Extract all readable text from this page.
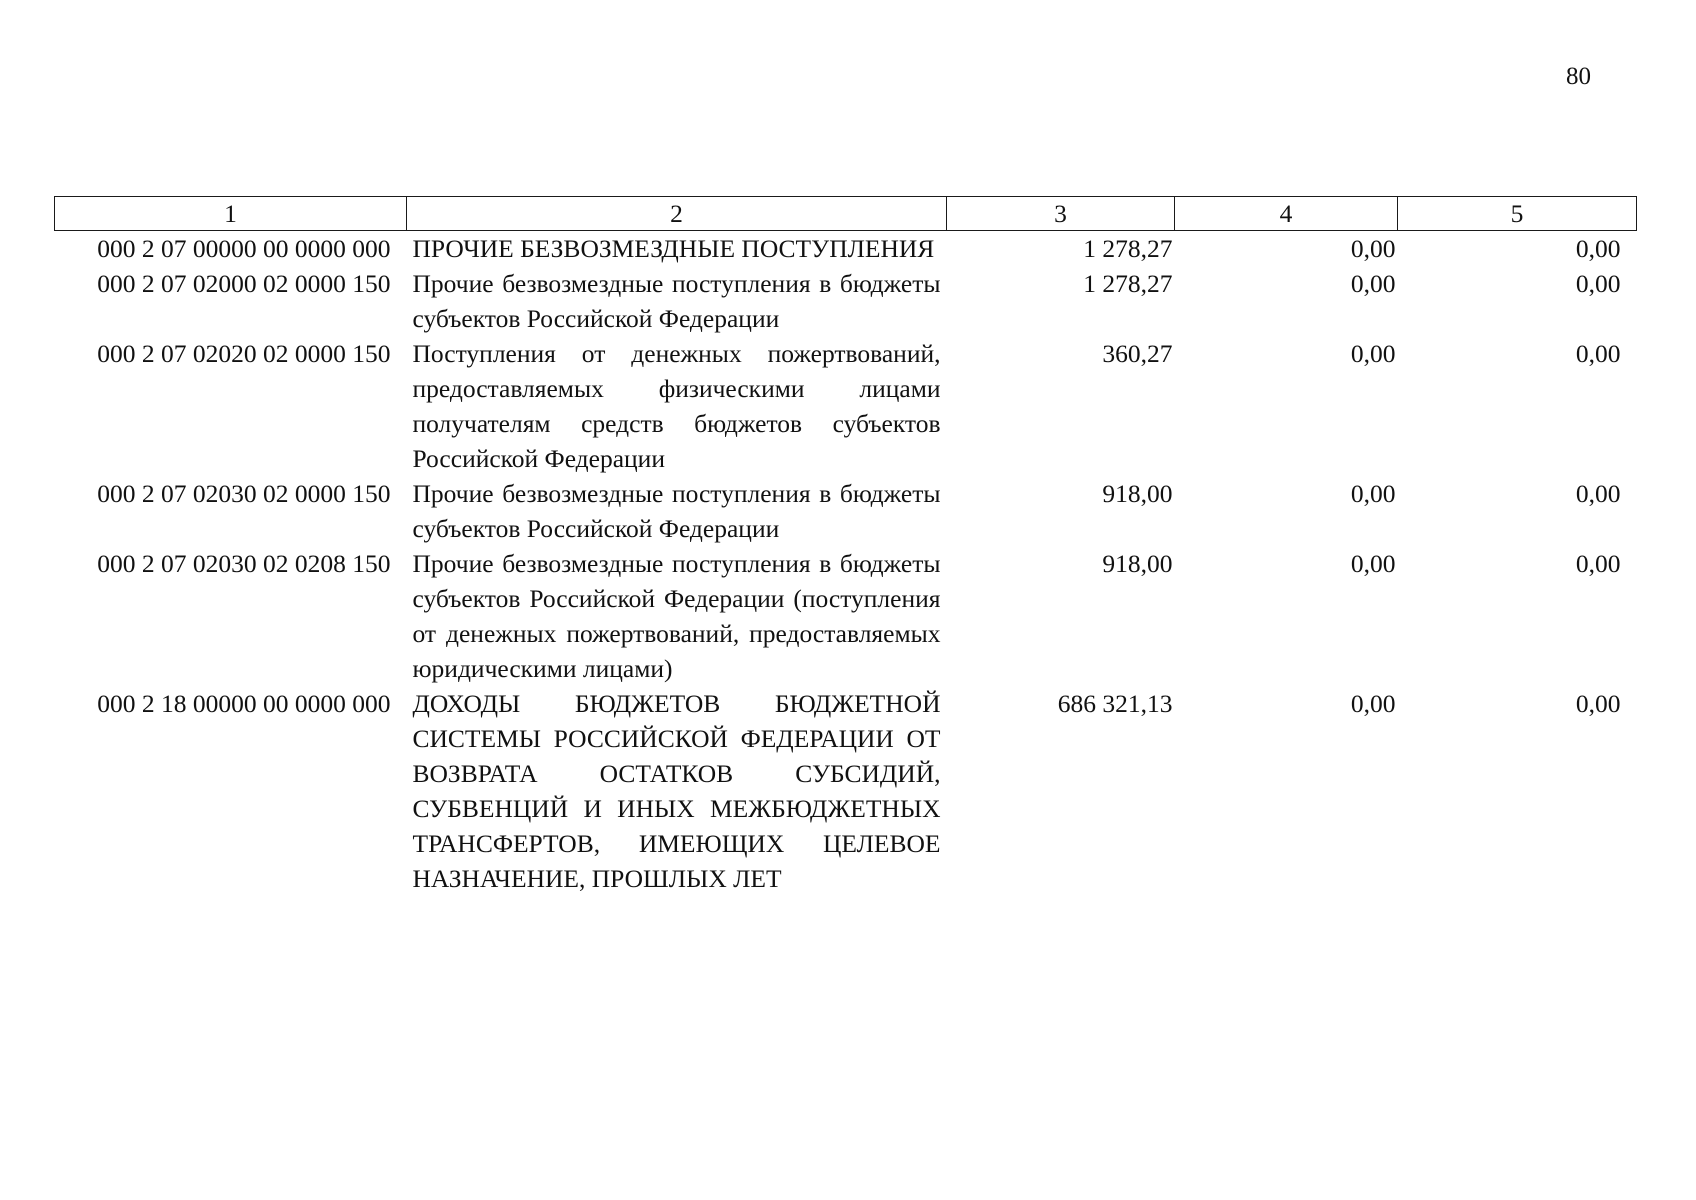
80
1	2	3	4	5
000 2 07 00000 00 0000 000	ПРОЧИЕ БЕЗВОЗМЕЗДНЫЕ ПОСТУПЛЕНИЯ	1 278,27	0,00	0,00
000 2 07 02000 02 0000 150	Прочие безвозмездные поступления в бюджеты субъектов Российской Федерации	1 278,27	0,00	0,00
000 2 07 02020 02 0000 150	Поступления от денежных пожертвований, предоставляемых физическими лицами получателям средств бюджетов субъектов Российской Федерации	360,27	0,00	0,00
000 2 07 02030 02 0000 150	Прочие безвозмездные поступления в бюджеты субъектов Российской Федерации	918,00	0,00	0,00
000 2 07 02030 02 0208 150	Прочие безвозмездные поступления в бюджеты субъектов Российской Федерации (поступления от денежных пожертвований, предоставляемых юридическими лицами)	918,00	0,00	0,00
000 2 18 00000 00 0000 000	ДОХОДЫ БЮДЖЕТОВ БЮДЖЕТНОЙ СИСТЕМЫ РОССИЙСКОЙ ФЕДЕРАЦИИ ОТ ВОЗВРАТА ОСТАТКОВ СУБСИДИЙ, СУБВЕНЦИЙ И ИНЫХ МЕЖБЮДЖЕТНЫХ ТРАНСФЕРТОВ, ИМЕЮЩИХ ЦЕЛЕВОЕ НАЗНАЧЕНИЕ, ПРОШЛЫХ ЛЕТ	686 321,13	0,00	0,00
